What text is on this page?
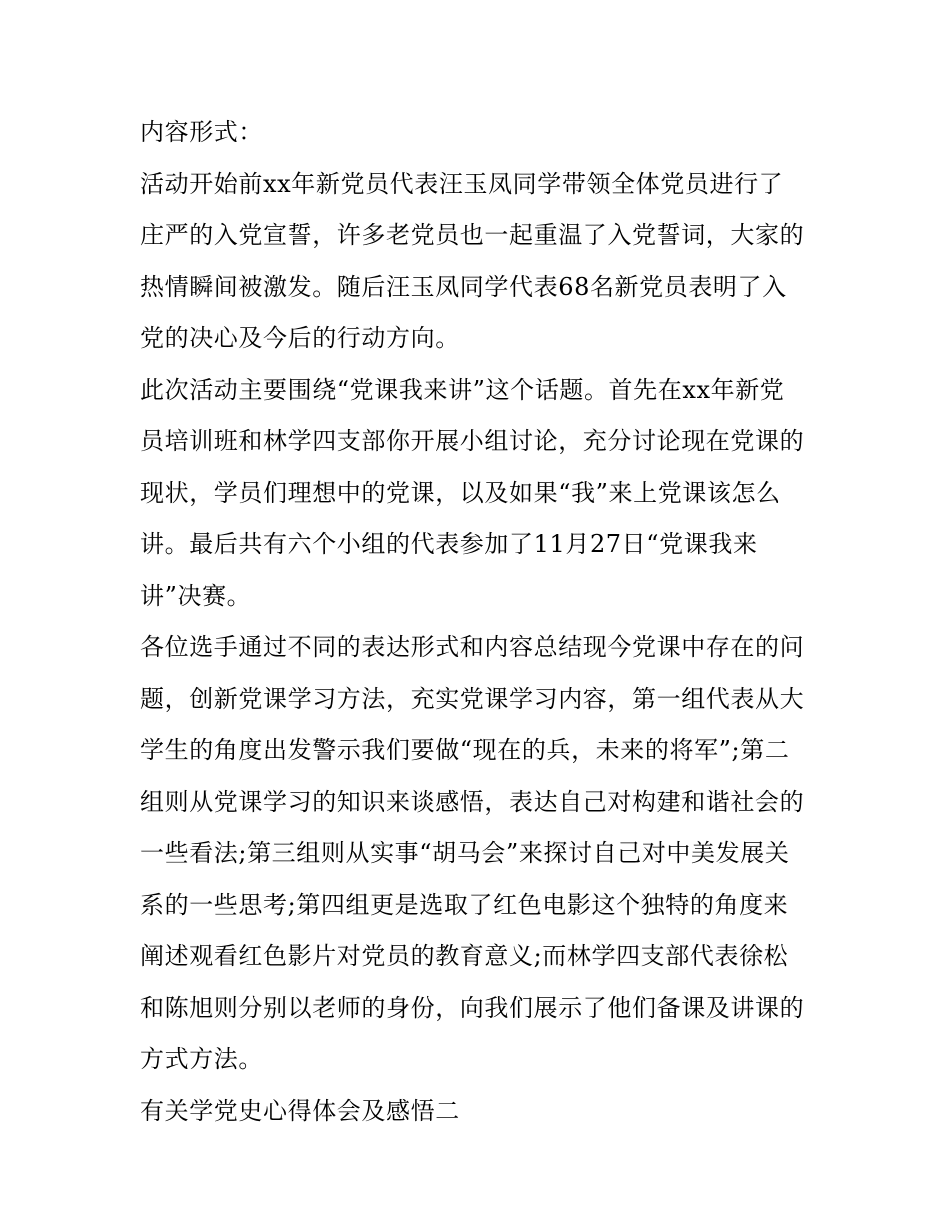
内容形式：

活动开始前xx年新党员代表汪玉凤同学带领全体党员进行了
庄严的入党宣誓，许多老党员也一起重温了入党誓词，大家的
热情瞬间被激发。随后汪玉凤同学代表68名新党员表明了入
党的决心及今后的行动方向。

此次活动主要围绕“党课我来讲”这个话题。首先在xx年新党
员培训班和林学四支部你开展小组讨论，充分讨论现在党课的
现状，学员们理想中的党课，以及如果“我”来上党课该怎么
讲。最后共有六个小组的代表参加了11月27日“党课我来
讲”决赛。

各位选手通过不同的表达形式和内容总结现今党课中存在的问
题，创新党课学习方法，充实党课学习内容，第一组代表从大
学生的角度出发警示我们要做“现在的兵，未来的将军”;第二
组则从党课学习的知识来谈感悟，表达自己对构建和谐社会的
一些看法;第三组则从实事“胡马会”来探讨自己对中美发展关
系的一些思考;第四组更是选取了红色电影这个独特的角度来
阐述观看红色影片对党员的教育意义;而林学四支部代表徐松
和陈旭则分别以老师的身份，向我们展示了他们备课及讲课的
方式方法。

有关学党史心得体会及感悟二
